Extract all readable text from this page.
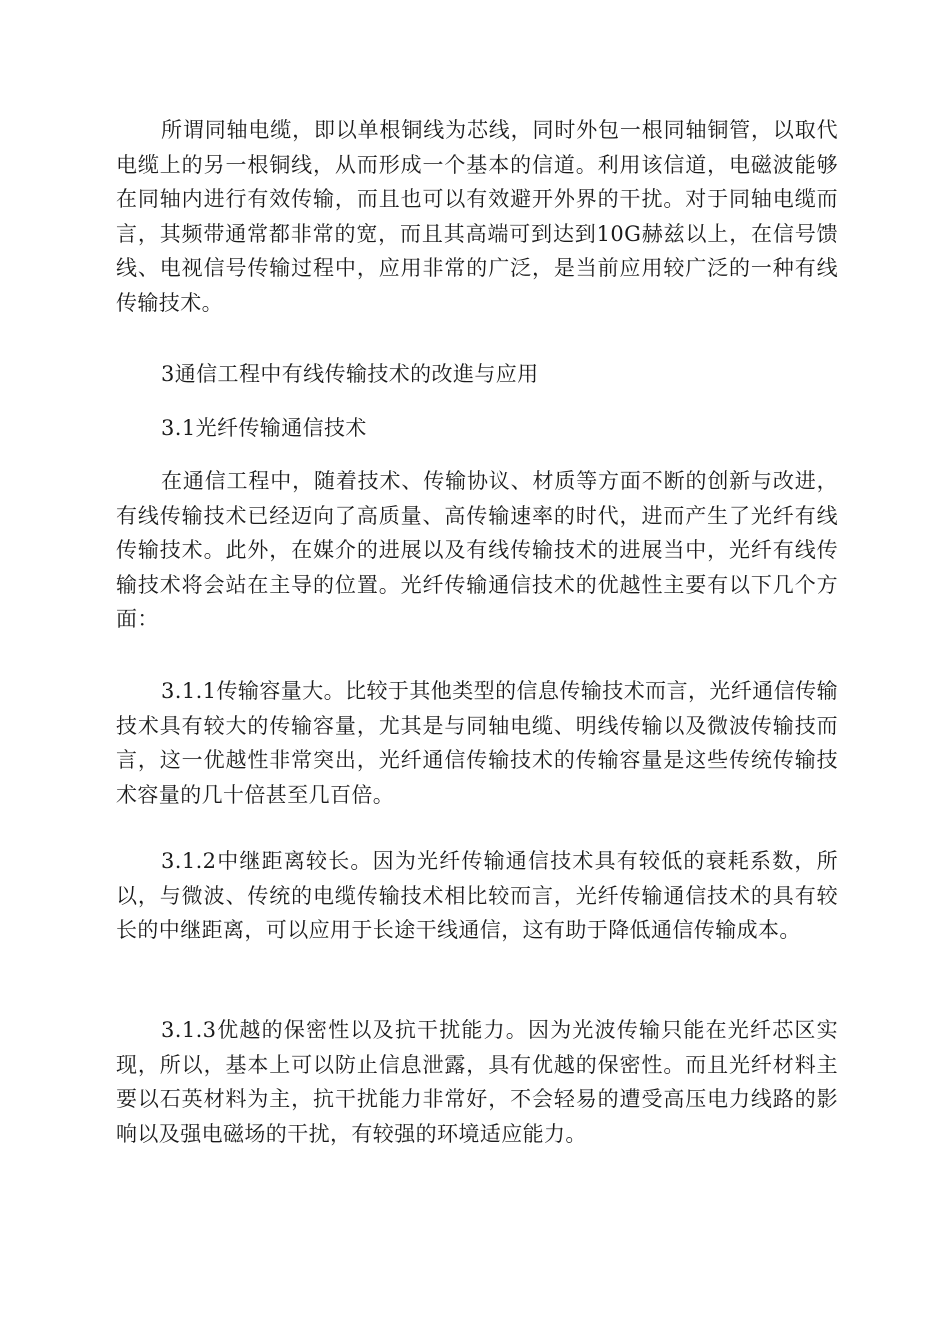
所谓同轴电缆，即以单根铜线为芯线，同时外包一根同轴铜管，以取代电缆上的另一根铜线，从而形成一个基本的信道。利用该信道，电磁波能够在同轴内进行有效传输，而且也可以有效避开外界的干扰。对于同轴电缆而言，其频带通常都非常的宽，而且其高端可到达到10G赫兹以上，在信号馈线、电视信号传输过程中，应用非常的广泛，是当前应用较广泛的一种有线传输技术。

3通信工程中有线传输技术的改進与应用

3.1光纤传输通信技术

在通信工程中，随着技术、传输协议、材质等方面不断的创新与改进，有线传输技术已经迈向了高质量、高传输速率的时代，进而产生了光纤有线传输技术。此外，在媒介的进展以及有线传输技术的进展当中，光纤有线传输技术将会站在主导的位置。光纤传输通信技术的优越性主要有以下几个方面：

3.1.1传输容量大。比较于其他类型的信息传输技术而言，光纤通信传输技术具有较大的传输容量，尤其是与同轴电缆、明线传输以及微波传输技而言，这一优越性非常突出，光纤通信传输技术的传输容量是这些传统传输技术容量的几十倍甚至几百倍。

3.1.2中继距离较长。因为光纤传输通信技术具有较低的衰耗系数，所以，与微波、传统的电缆传输技术相比较而言，光纤传输通信技术的具有较长的中继距离，可以应用于长途干线通信，这有助于降低通信传输成本。

3.1.3优越的保密性以及抗干扰能力。因为光波传输只能在光纤芯区实现，所以，基本上可以防止信息泄露，具有优越的保密性。而且光纤材料主要以石英材料为主，抗干扰能力非常好，不会轻易的遭受高压电力线路的影响以及强电磁场的干扰，有较强的环境适应能力。
